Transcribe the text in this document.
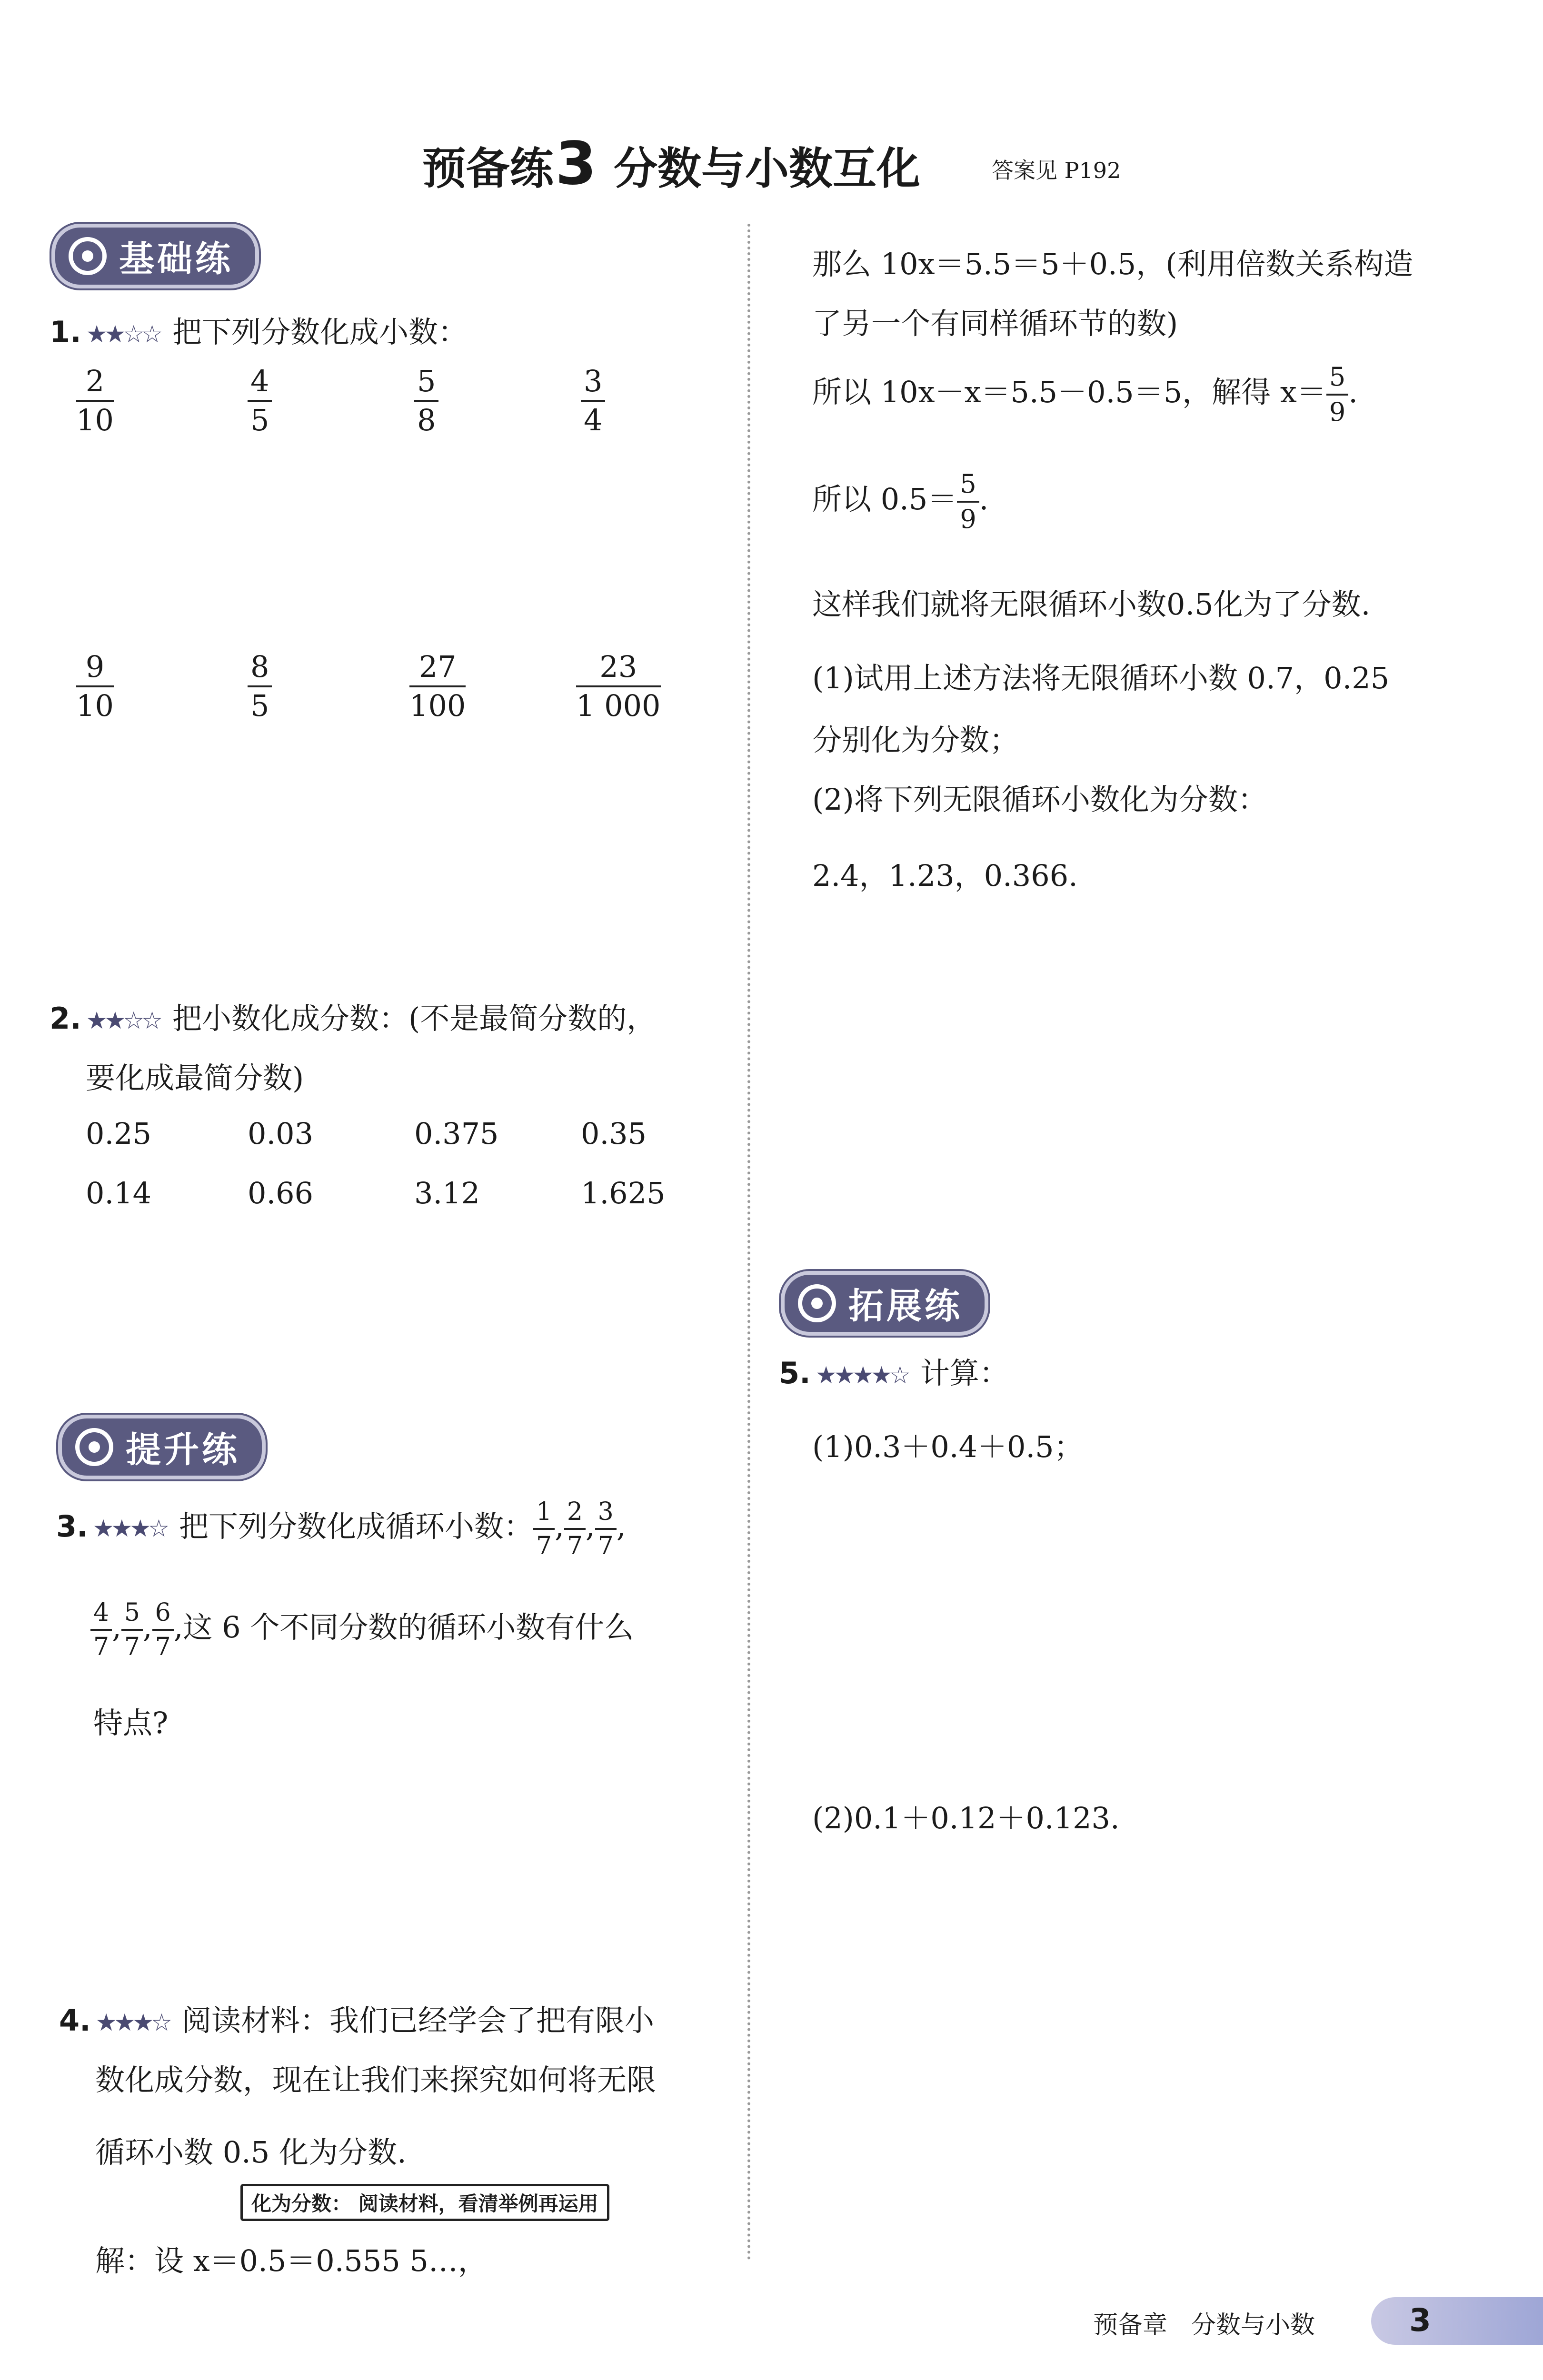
预备练3 分数与小数互化	答案见 P192
基础练
1. ★★☆☆ 把下列分数化成小数：
$\frac{2}{10}$	$\frac{4}{5}$	$\frac{5}{8}$	$\frac{3}{4}$
$\frac{9}{10}$	$\frac{8}{5}$	$\frac{27}{100}$	$\frac{23}{1 000}$
2. ★★☆☆ 把小数化成分数：(不是最简分数的，
要化成最简分数)
0.25	0.03	0.375	0.35
0.14	0.66	3.12	1.625
提升练
3. ★★★☆ 把下列分数化成循环小数： $\frac{1}{7}$ , $\frac{2}{7}$ , $\frac{3}{7}$ ,
$\frac{4}{7}$ , $\frac{5}{7}$ , $\frac{6}{7}$ ,这 6 个不同分数的循环小数有什么
特点?
4. ★★★☆ 阅读材料：我们已经学会了把有限小
数化成分数，现在让我们来探究如何将无限
循环小数 0.5 化为分数.
化为分数： 阅读材料，看清举例再运用
解：设 x＝0.5＝0.555 5…，
那么 10x＝5.5＝5＋0.5，(利用倍数关系构造
了另一个有同样循环节的数)
所以 10x－x＝5.5－0.5＝5，解得 $x= \frac{5}{9}$ .
所以 $0.5= \frac{5}{9}$ .
这样我们就将无限循环小数0.5化为了分数.
(1)试用上述方法将无限循环小数 0.7，0.25
分别化为分数；
(2)将下列无限循环小数化为分数：
2.4，1.23，0.366.
拓展练
5. ★★★★☆ 计算：
(1)0.3＋0.4＋0.5；
(2)0.1＋0.12＋0.123.
预备章 分数与小数	3
